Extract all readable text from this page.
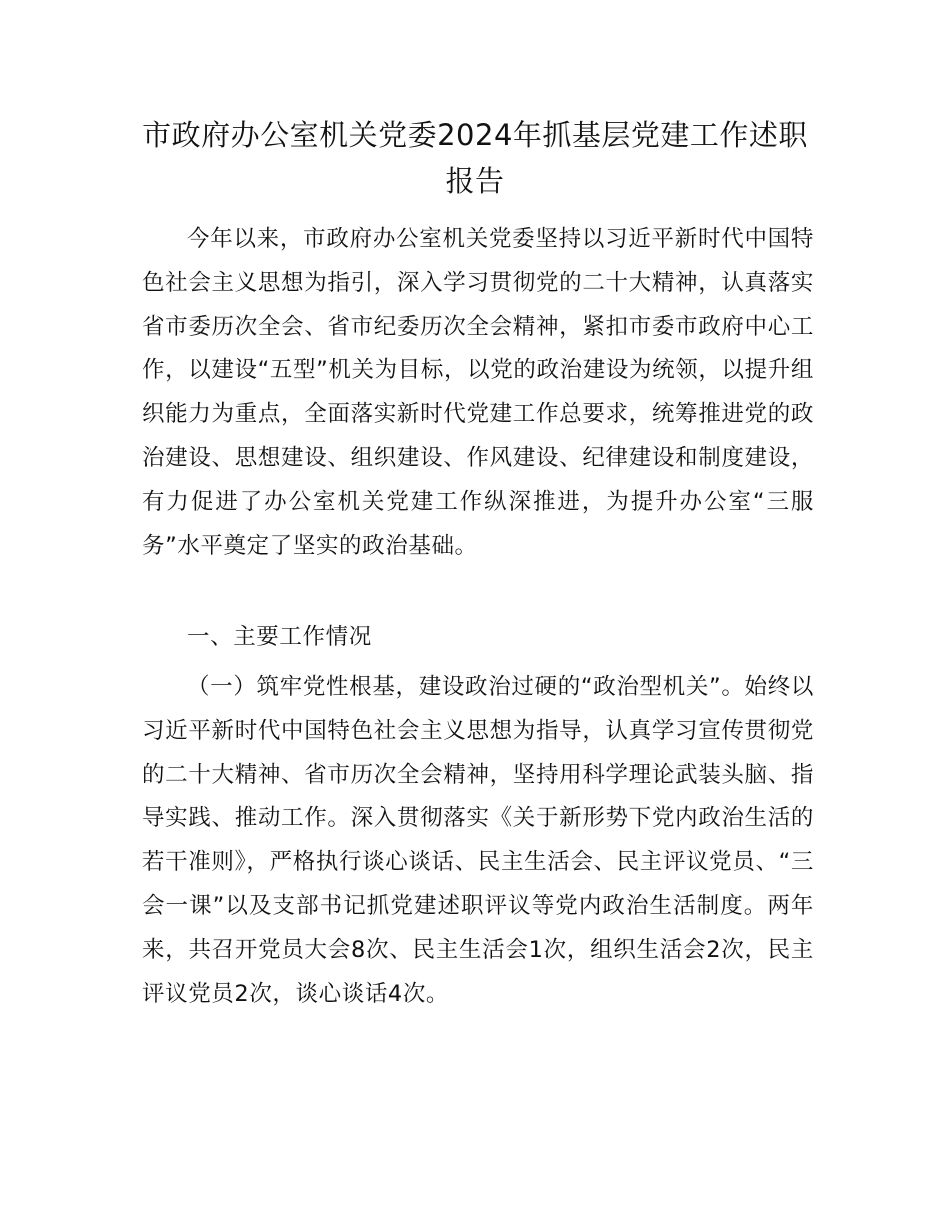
市政府办公室机关党委2024年抓基层党建工作述职报告

今年以来，市政府办公室机关党委坚持以习近平新时代中国特色社会主义思想为指引，深入学习贯彻党的二十大精神，认真落实省市委历次全会、省市纪委历次全会精神，紧扣市委市政府中心工作，以建设“五型”机关为目标，以党的政治建设为统领，以提升组织能力为重点，全面落实新时代党建工作总要求，统筹推进党的政治建设、思想建设、组织建设、作风建设、纪律建设和制度建设，有力促进了办公室机关党建工作纵深推进，为提升办公室“三服务”水平奠定了坚实的政治基础。

一、主要工作情况

（一）筑牢党性根基，建设政治过硬的“政治型机关”。始终以习近平新时代中国特色社会主义思想为指导，认真学习宣传贯彻党的二十大精神、省市历次全会精神，坚持用科学理论武装头脑、指导实践、推动工作。深入贯彻落实《关于新形势下党内政治生活的若干准则》，严格执行谈心谈话、民主生活会、民主评议党员、“三会一课”以及支部书记抓党建述职评议等党内政治生活制度。两年来，共召开党员大会8次、民主生活会1次，组织生活会2次，民主评议党员2次，谈心谈话4次。
